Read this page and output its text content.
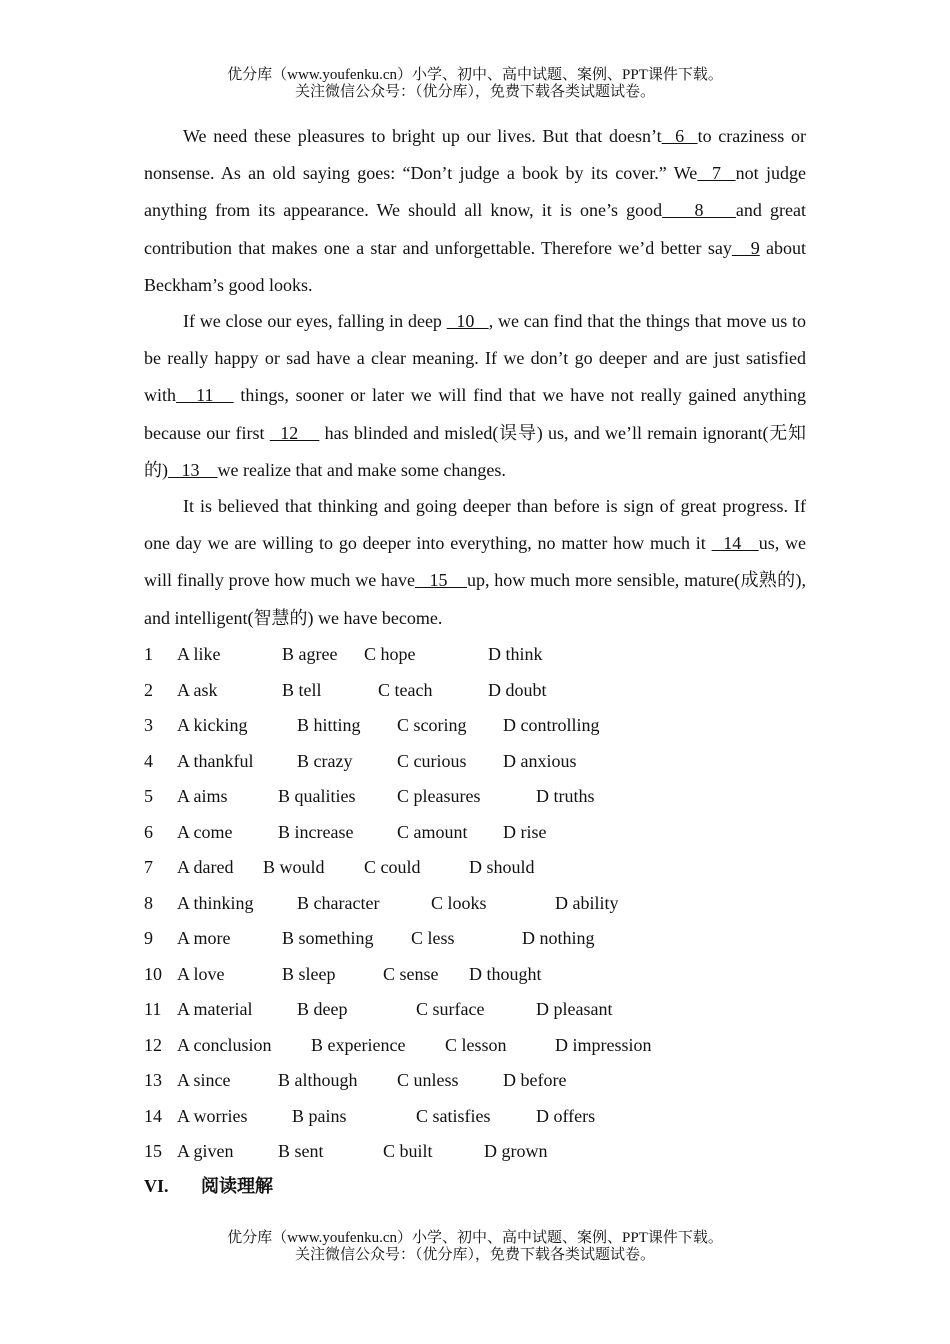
优分库（www.youfenku.cn）小学、初中、高中试题、案例、PPT课件下载。
关注微信公众号：（优分库），免费下载各类试题试卷。

We need these pleasures to bright up our lives. But that doesn’t  6  to craziness or nonsense. As an old saying goes: “Don’t judge a book by its cover.” We  7  not judge anything from its appearance. We should all know, it is one’s good    8    and great contribution that makes one a star and unforgettable. Therefore we’d better say   9 about Beckham’s good looks.

If we close our eyes, falling in deep   10   , we can find that the things that move us to be really happy or sad have a clear meaning. If we don’t go deeper and are just satisfied with   11    things, sooner or later we will find that we have not really gained anything because our first   12     has blinded and misled(误导) us, and we’ll remain ignorant(无知的)   13    we realize that and make some changes.

It is believed that thinking and going deeper than before is sign of great progress. If one day we are willing to go deeper into everything, no matter how much it   14   us, we will finally prove how much we have   15    up, how much more sensible, mature(成熟的), and intelligent(智慧的) we have become.

1 A like	B agree C hope	D think
2 A ask	B tell	C teach	D doubt
3 A kicking	B hitting C scoring D controlling
4 A thankful B crazy C curious D anxious
5 A aims	B qualities C pleasures	D truths
6 A come	B increase C amount D rise
7 A dared B would C could	D should
8 A thinking B character	C looks	D ability
9 A more	B something C less	D nothing
10 A love	B sleep	C sense D thought
11 A material B deep	C surface	D pleasant
12 A conclusion B experience C lesson	D impression
13 A since	B although C unless D before
14 A worries B pains	C satisfies	D offers
15 A given B sent	C built	D grown
VI. 阅读理解
优分库（www.youfenku.cn）小学、初中、高中试题、案例、PPT课件下载。
关注微信公众号：（优分库），免费下载各类试题试卷。
